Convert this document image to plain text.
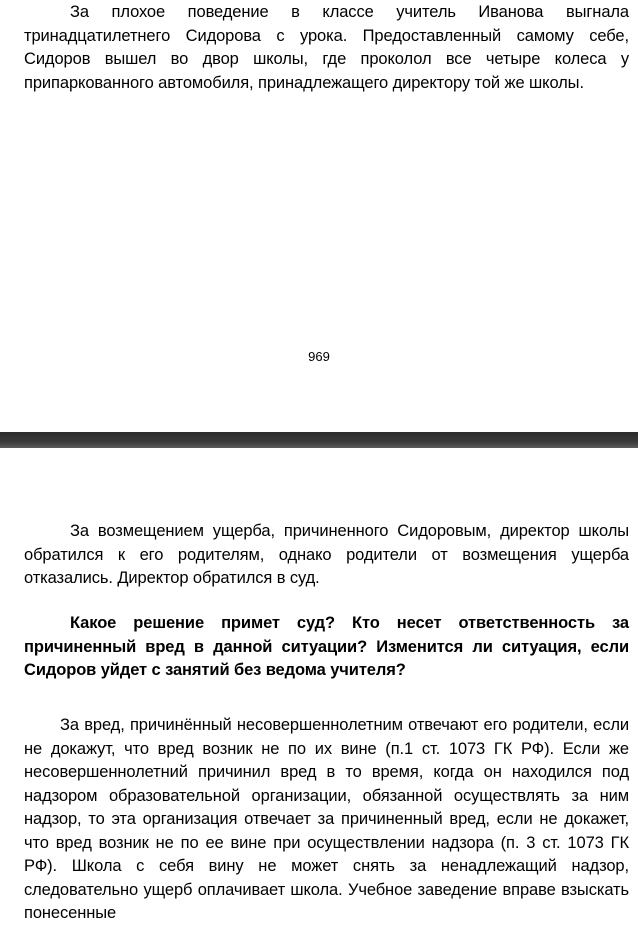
За плохое поведение в классе учитель Иванова выгнала тринадцатилетнего Сидорова с урока. Предоставленный самому себе, Сидоров вышел во двор школы, где проколол все четыре колеса у припаркованного автомобиля, принадлежащего директору той же школы.

969

За возмещением ущерба, причиненного Сидоровым, директор школы обратился к его родителям, однако родители от возмещения ущерба отказались. Директор обратился в суд.

Какое решение примет суд? Кто несет ответственность за причиненный вред в данной ситуации? Изменится ли ситуация, если Сидоров уйдет с занятий без ведома учителя?

За вред, причинённый несовершеннолетним отвечают его родители, если не докажут, что вред возник не по их вине (п.1 ст. 1073 ГК РФ). Если же несовершеннолетний причинил вред в то время, когда он находился под надзором образовательной организации, обязанной осуществлять за ним надзор, то эта организация отвечает за причиненный вред, если не докажет, что вред возник не по ее вине при осуществлении надзора (п. 3 ст. 1073 ГК РФ). Школа с себя вину не может снять за ненадлежащий надзор, следовательно ущерб оплачивает школа. Учебное заведение вправе взыскать понесенные
